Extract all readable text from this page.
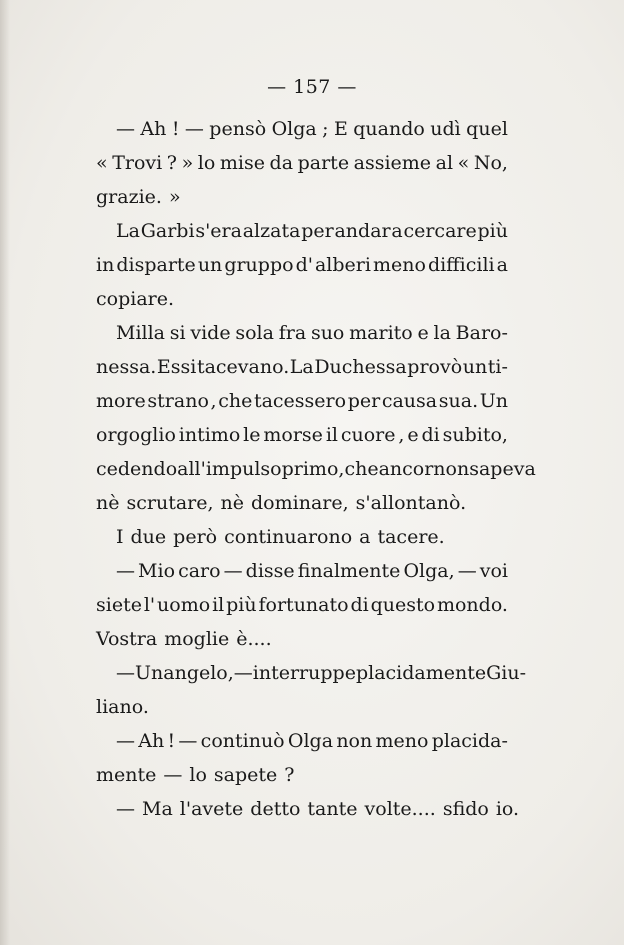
— 157 —
— Ah ! — pensò Olga ; E quando udì quel
« Trovi ? » lo mise da parte assieme al « No,
grazie. »
La Garbi s'era alzata per andar a cercare più
in disparte un gruppo d' alberi meno difficili a
copiare.
Milla si vide sola fra suo marito e la Baro-
nessa. Essi tacevano. La Duchessa provò un ti-
more strano , che tacessero per causa sua. Un
orgoglio intimo le morse il cuore , e di subito,
cedendo all'impulso primo, che ancor non sapeva
nè scrutare, nè dominare, s'allontanò.
I due però continuarono a tacere.
— Mio caro — disse finalmente Olga, — voi
siete l' uomo il più fortunato di questo mondo.
Vostra moglie è....
— Un angelo, — interruppe placidamente Giu-
liano.
— Ah ! — continuò Olga non meno placida-
mente — lo sapete ?
— Ma l'avete detto tante volte.... sfido io.
